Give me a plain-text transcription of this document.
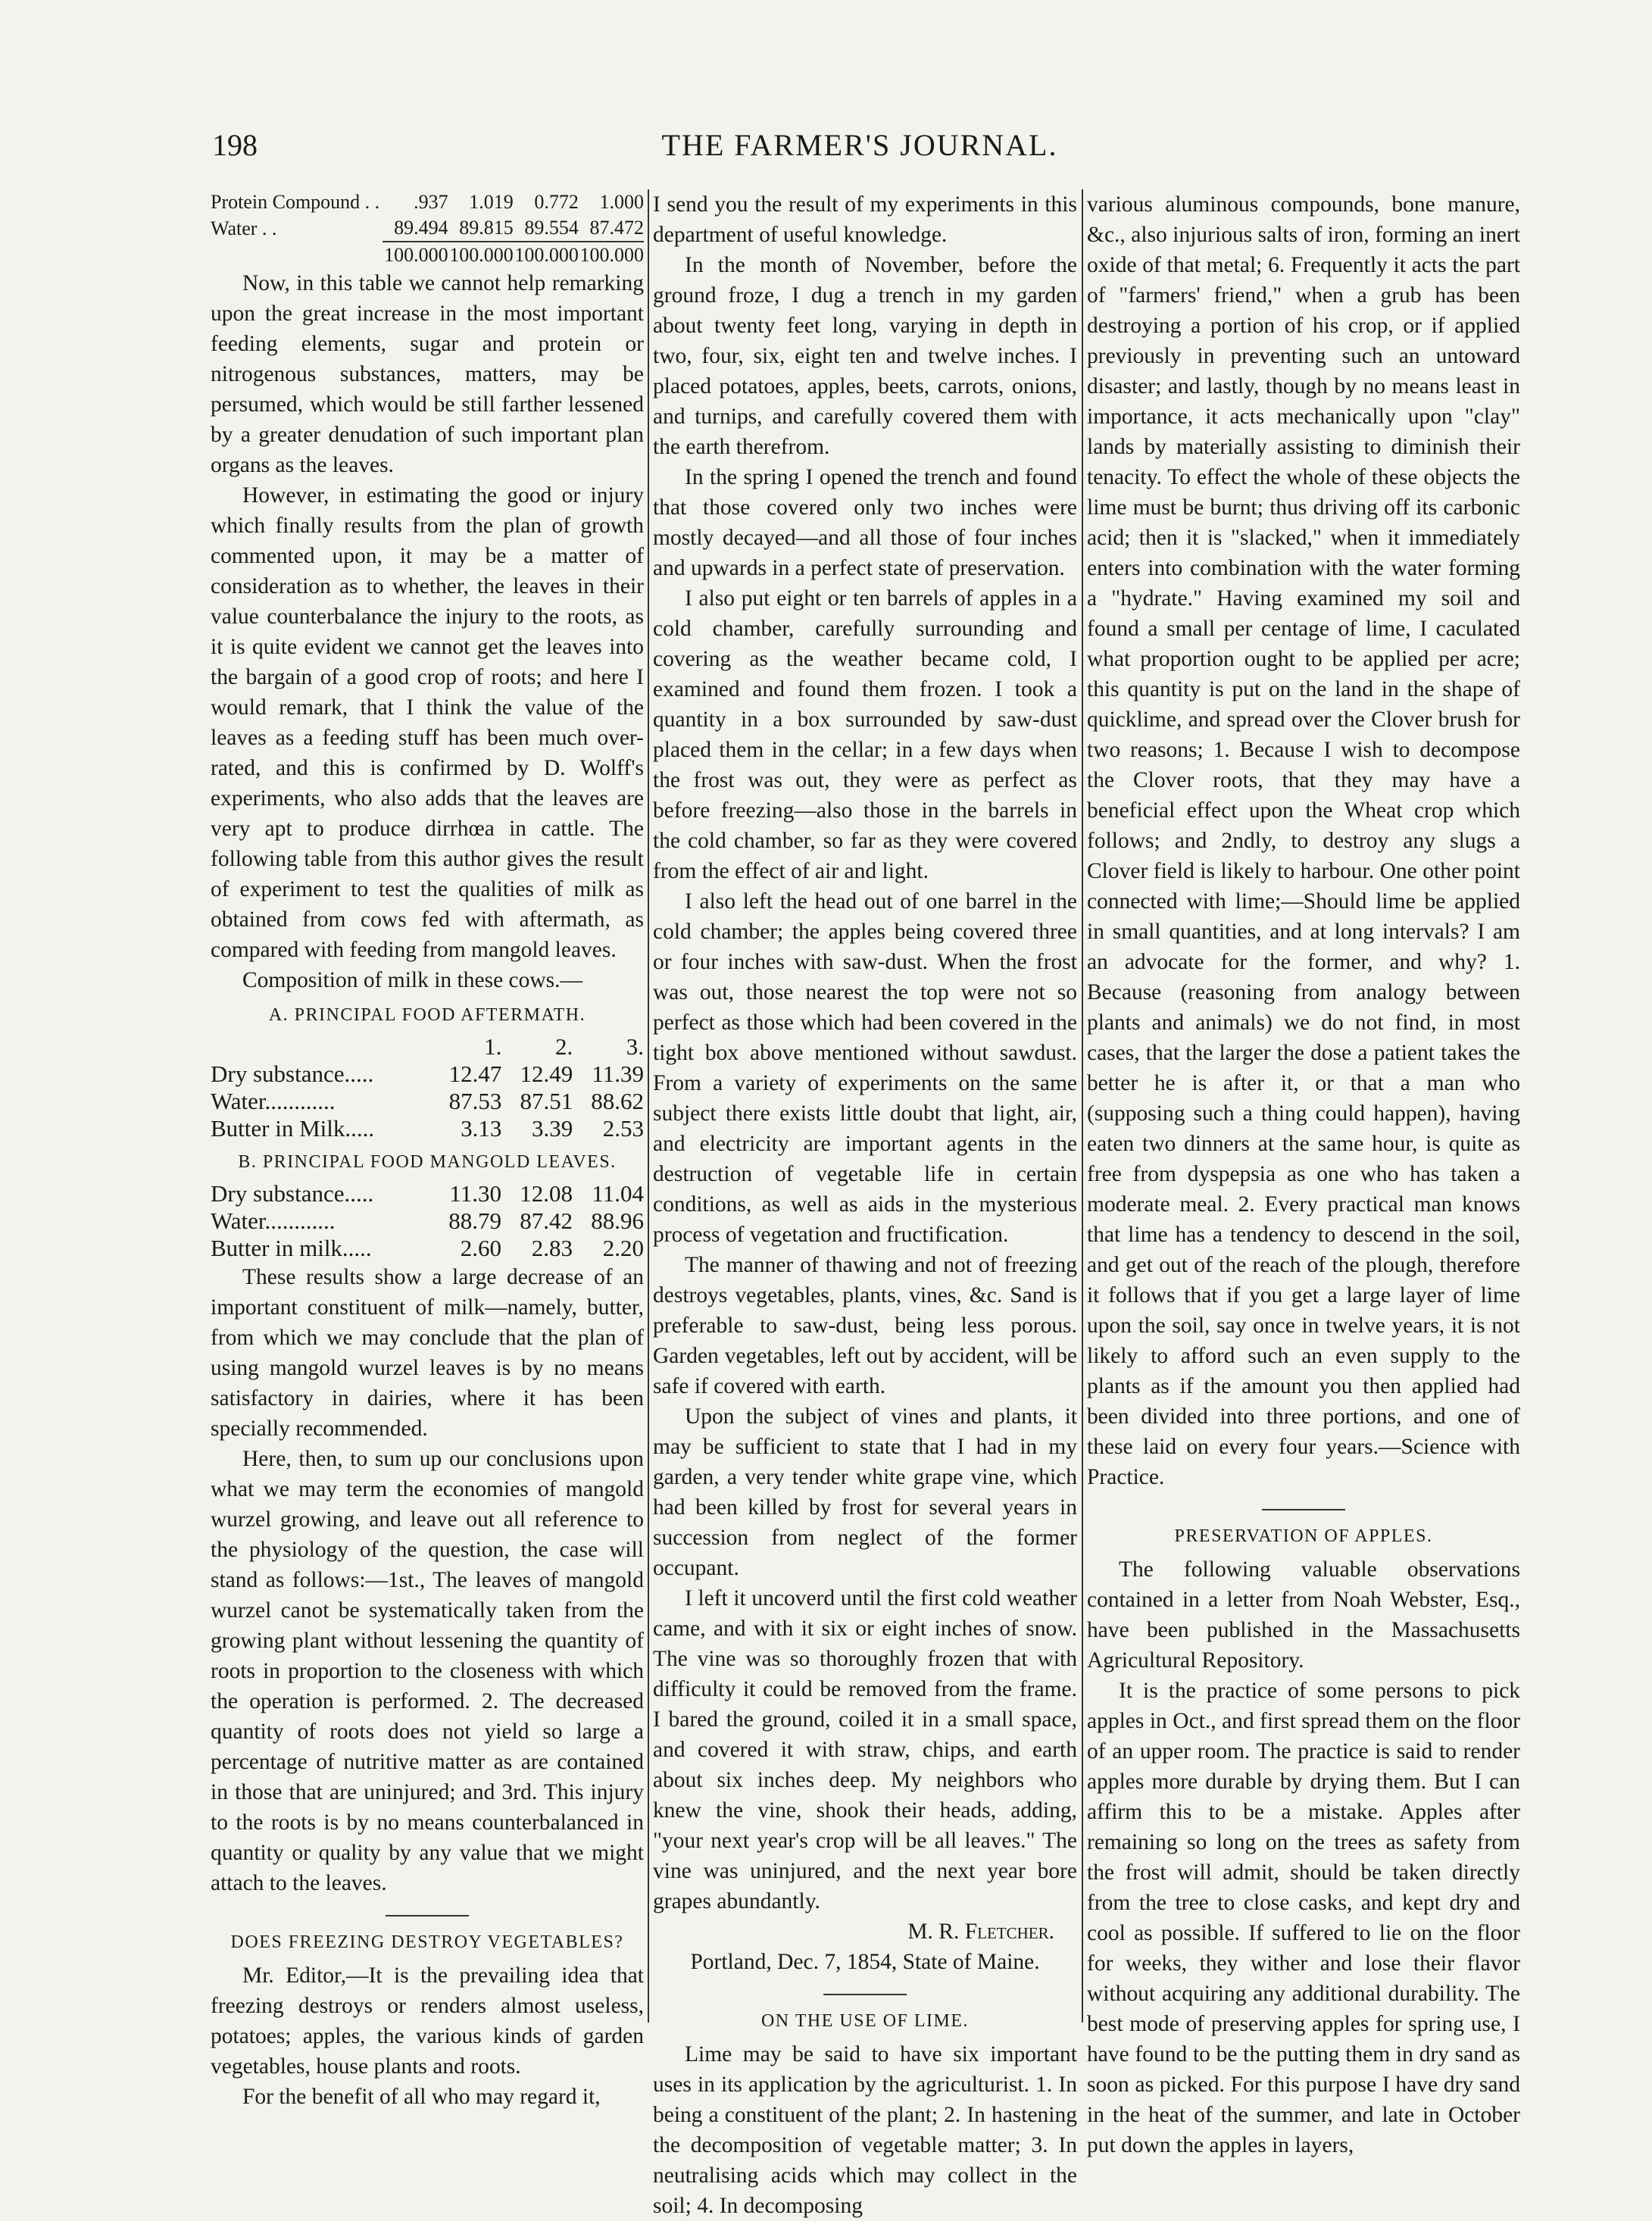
198	THE FARMER'S JOURNAL.
Protein Compound . .	.937	1.019	0.772	1.000
Water . .	89.494	89.815	89.554	87.472
	100.000	100.000	100.000	100.000

Now, in this table we cannot help remarking upon the great increase in the most important feeding elements, sugar and protein or nitrogenous substances, matters, may be persumed, which would be still farther lessened by a greater denudation of such important plan organs as the leaves.

However, in estimating the good or injury which finally results from the plan of growth commented upon, it may be a matter of consideration as to whether, the leaves in their value counterbalance the injury to the roots, as it is quite evident we cannot get the leaves into the bargain of a good crop of roots; and here I would remark, that I think the value of the leaves as a feeding stuff has been much over-rated, and this is confirmed by D. Wolff's experiments, who also adds that the leaves are very apt to produce dirrhœa in cattle. The following table from this author gives the result of experiment to test the qualities of milk as obtained from cows fed with aftermath, as compared with feeding from mangold leaves.

Composition of milk in these cows.—

A. PRINCIPAL FOOD AFTERMATH.
	1.	2.	3.
Dry substance.....	12.47	12.49	11.39
Water............	87.53	87.51	88.62
Butter in Milk.....	3.13	3.39	2.53
B. PRINCIPAL FOOD MANGOLD LEAVES.
Dry substance.....	11.30	12.08	11.04
Water............	88.79	87.42	88.96
Butter in milk.....	2.60	2.83	2.20

These results show a large decrease of an important constituent of milk—namely, butter, from which we may conclude that the plan of using mangold wurzel leaves is by no means satisfactory in dairies, where it has been specially recommended.

Here, then, to sum up our conclusions upon what we may term the economies of mangold wurzel growing, and leave out all reference to the physiology of the question, the case will stand as follows:—1st., The leaves of mangold wurzel canot be systematically taken from the growing plant without lessening the quantity of roots in proportion to the closeness with which the operation is performed. 2. The decreased quantity of roots does not yield so large a percentage of nutritive matter as are contained in those that are uninjured; and 3rd. This injury to the roots is by no means counterbalanced in quantity or quality by any value that we might attach to the leaves.

DOES FREEZING DESTROY VEGETABLES?

Mr. Editor,—It is the prevailing idea that freezing destroys or renders almost useless, potatoes; apples, the various kinds of garden vegetables, house plants and roots.

For the benefit of all who may regard it,

I send you the result of my experiments in this department of useful knowledge.

In the month of November, before the ground froze, I dug a trench in my garden about twenty feet long, varying in depth in two, four, six, eight ten and twelve inches. I placed potatoes, apples, beets, carrots, onions, and turnips, and carefully covered them with the earth therefrom.

In the spring I opened the trench and found that those covered only two inches were mostly decayed—and all those of four inches and upwards in a perfect state of preservation.

I also put eight or ten barrels of apples in a cold chamber, carefully surrounding and covering as the weather became cold, I examined and found them frozen. I took a quantity in a box surrounded by saw-dust placed them in the cellar; in a few days when the frost was out, they were as perfect as before freezing—also those in the barrels in the cold chamber, so far as they were covered from the effect of air and light.

I also left the head out of one barrel in the cold chamber; the apples being covered three or four inches with saw-dust. When the frost was out, those nearest the top were not so perfect as those which had been covered in the tight box above mentioned without sawdust. From a variety of experiments on the same subject there exists little doubt that light, air, and electricity are important agents in the destruction of vegetable life in certain conditions, as well as aids in the mysterious process of vegetation and fructification.

The manner of thawing and not of freezing destroys vegetables, plants, vines, &c. Sand is preferable to saw-dust, being less porous. Garden vegetables, left out by accident, will be safe if covered with earth.

Upon the subject of vines and plants, it may be sufficient to state that I had in my garden, a very tender white grape vine, which had been killed by frost for several years in succession from neglect of the former occupant.

I left it uncoverd until the first cold weather came, and with it six or eight inches of snow. The vine was so thoroughly frozen that with difficulty it could be removed from the frame. I bared the ground, coiled it in a small space, and covered it with straw, chips, and earth about six inches deep. My neighbors who knew the vine, shook their heads, adding, "your next year's crop will be all leaves." The vine was uninjured, and the next year bore grapes abundantly.

M. R. Fletcher.
Portland, Dec. 7, 1854, State of Maine.
ON THE USE OF LIME.

Lime may be said to have six important uses in its application by the agriculturist. 1. In being a constituent of the plant; 2. In hastening the decomposition of vegetable matter; 3. In neutralising acids which may collect in the soil; 4. In decomposing

various aluminous compounds, bone manure, &c., also injurious salts of iron, forming an inert oxide of that metal; 6. Frequently it acts the part of "farmers' friend," when a grub has been destroying a portion of his crop, or if applied previously in preventing such an untoward disaster; and lastly, though by no means least in importance, it acts mechanically upon "clay" lands by materially assisting to diminish their tenacity. To effect the whole of these objects the lime must be burnt; thus driving off its carbonic acid; then it is "slacked," when it immediately enters into combination with the water forming a "hydrate." Having examined my soil and found a small per centage of lime, I caculated what proportion ought to be applied per acre; this quantity is put on the land in the shape of quicklime, and spread over the Clover brush for two reasons; 1. Because I wish to decompose the Clover roots, that they may have a beneficial effect upon the Wheat crop which follows; and 2ndly, to destroy any slugs a Clover field is likely to harbour. One other point connected with lime;—Should lime be applied in small quantities, and at long intervals? I am an advocate for the former, and why? 1. Because (reasoning from analogy between plants and animals) we do not find, in most cases, that the larger the dose a patient takes the better he is after it, or that a man who (supposing such a thing could happen), having eaten two dinners at the same hour, is quite as free from dyspepsia as one who has taken a moderate meal. 2. Every practical man knows that lime has a tendency to descend in the soil, and get out of the reach of the plough, therefore it follows that if you get a large layer of lime upon the soil, say once in twelve years, it is not likely to afford such an even supply to the plants as if the amount you then applied had been divided into three portions, and one of these laid on every four years.—Science with Practice.

PRESERVATION OF APPLES.

The following valuable observations contained in a letter from Noah Webster, Esq., have been published in the Massachusetts Agricultural Repository.

It is the practice of some persons to pick apples in Oct., and first spread them on the floor of an upper room. The practice is said to render apples more durable by drying them. But I can affirm this to be a mistake. Apples after remaining so long on the trees as safety from the frost will admit, should be taken directly from the tree to close casks, and kept dry and cool as possible. If suffered to lie on the floor for weeks, they wither and lose their flavor without acquiring any additional durability. The best mode of preserving apples for spring use, I have found to be the putting them in dry sand as soon as picked. For this purpose I have dry sand in the heat of the summer, and late in October put down the apples in layers,
